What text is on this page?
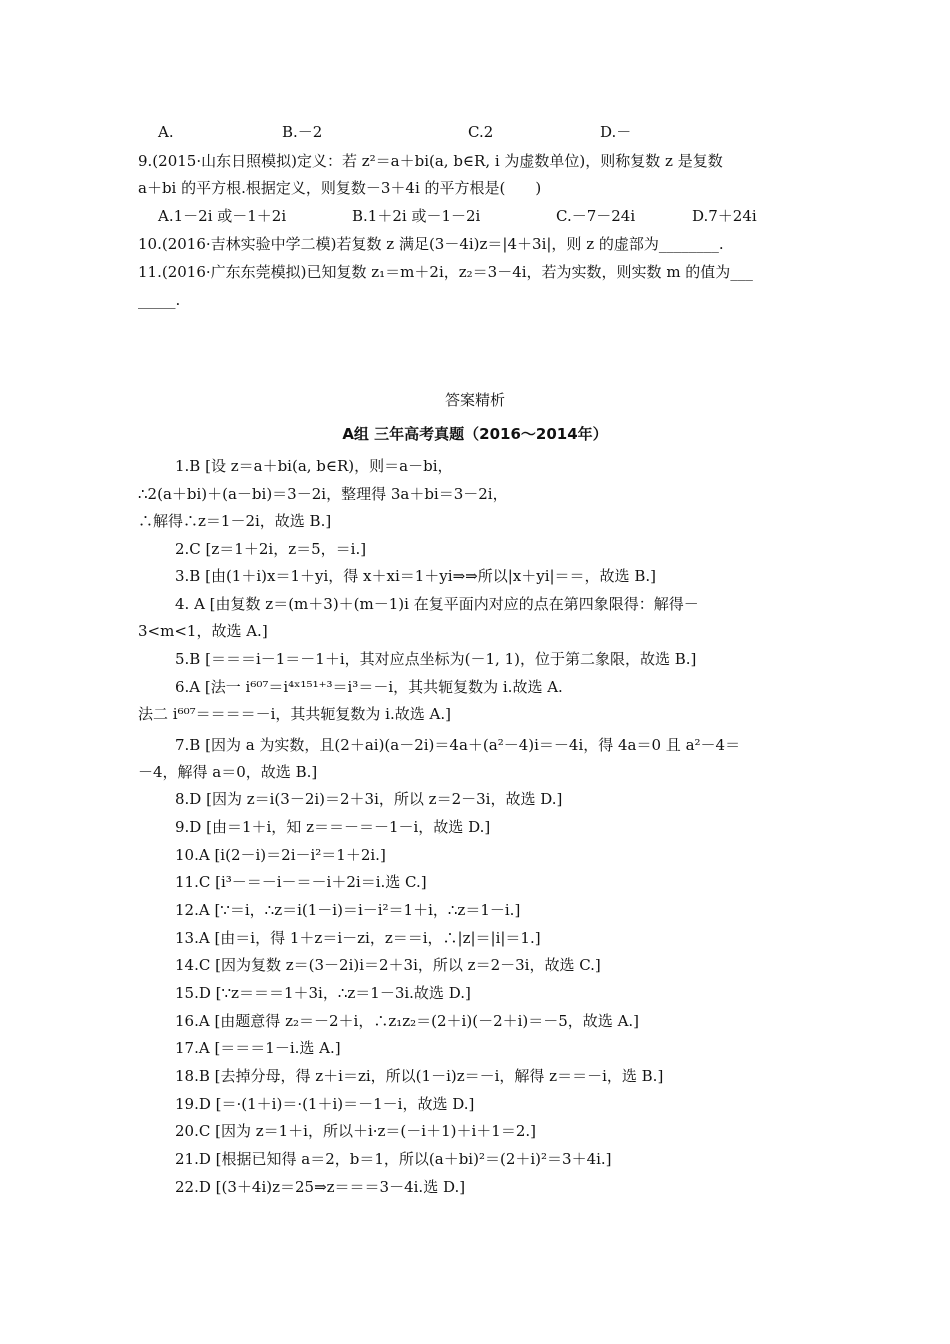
A.	B.－2	C.2	D.－
9.(2015·山东日照模拟)定义：若 z²＝a＋bi(a, b∈R, i 为虚数单位)，则称复数 z 是复数
a＋bi 的平方根.根据定义，则复数－3＋4i 的平方根是(　　)
A.1－2i 或－1＋2i	B.1＋2i 或－1－2i	C.－7－24i	D.7＋24i
10.(2016·吉林实验中学二模)若复数 z 满足(3－4i)z＝|4＋3i|，则 z 的虚部为________.
11.(2016·广东东莞模拟)已知复数 z₁＝m＋2i，z₂＝3－4i，若为实数，则实数 m 的值为___
_____.
答案精析
A组 三年高考真题（2016～2014年）
1.B [设 z＝a＋bi(a, b∈R)，则＝a－bi，
∴2(a＋bi)＋(a－bi)＝3－2i，整理得 3a＋bi＝3－2i，
∴解得∴z＝1－2i，故选 B.]
2.C [z＝1＋2i，z＝5，＝i.]
3.B [由(1＋i)x＝1＋yi，得 x＋xi＝1＋yi⇒⇒所以|x＋yi|＝＝，故选 B.]
4. A [由复数 z＝(m＋3)＋(m－1)i 在复平面内对应的点在第四象限得：解得－
3<m<1，故选 A.]
5.B [＝＝＝i－1＝－1＋i，其对应点坐标为(－1, 1)，位于第二象限，故选 B.]
6.A [法一 i⁶⁰⁷＝i⁴ˣ¹⁵¹⁺³＝i³＝－i，其共轭复数为 i.故选 A.
法二 i⁶⁰⁷＝＝＝＝－i，其共轭复数为 i.故选 A.]
7.B [因为 a 为实数，且(2＋ai)(a－2i)＝4a＋(a²－4)i＝－4i，得 4a＝0 且 a²－4＝
－4，解得 a＝0，故选 B.]
8.D [因为 z＝i(3－2i)＝2＋3i，所以 z＝2－3i，故选 D.]
9.D [由＝1＋i，知 z＝＝－＝－1－i，故选 D.]
10.A [i(2－i)＝2i－i²＝1＋2i.]
11.C [i³－＝－i－＝－i＋2i＝i.选 C.]
12.A [∵＝i，∴z＝i(1－i)＝i－i²＝1＋i，∴z＝1－i.]
13.A [由＝i，得 1＋z＝i－zi，z＝＝i，∴|z|＝|i|＝1.]
14.C [因为复数 z＝(3－2i)i＝2＋3i，所以 z＝2－3i，故选 C.]
15.D [∵z＝＝＝1＋3i，∴z＝1－3i.故选 D.]
16.A [由题意得 z₂＝－2＋i，∴z₁z₂＝(2＋i)(－2＋i)＝－5，故选 A.]
17.A [＝＝＝1－i.选 A.]
18.B [去掉分母，得 z＋i＝zi，所以(1－i)z＝－i，解得 z＝＝－i，选 B.]
19.D [＝·(1＋i)＝·(1＋i)＝－1－i，故选 D.]
20.C [因为 z＝1＋i，所以＋i·z＝(－i＋1)＋i＋1＝2.]
21.D [根据已知得 a＝2，b＝1，所以(a＋bi)²＝(2＋i)²＝3＋4i.]
22.D [(3＋4i)z＝25⇒z＝＝＝3－4i.选 D.]
